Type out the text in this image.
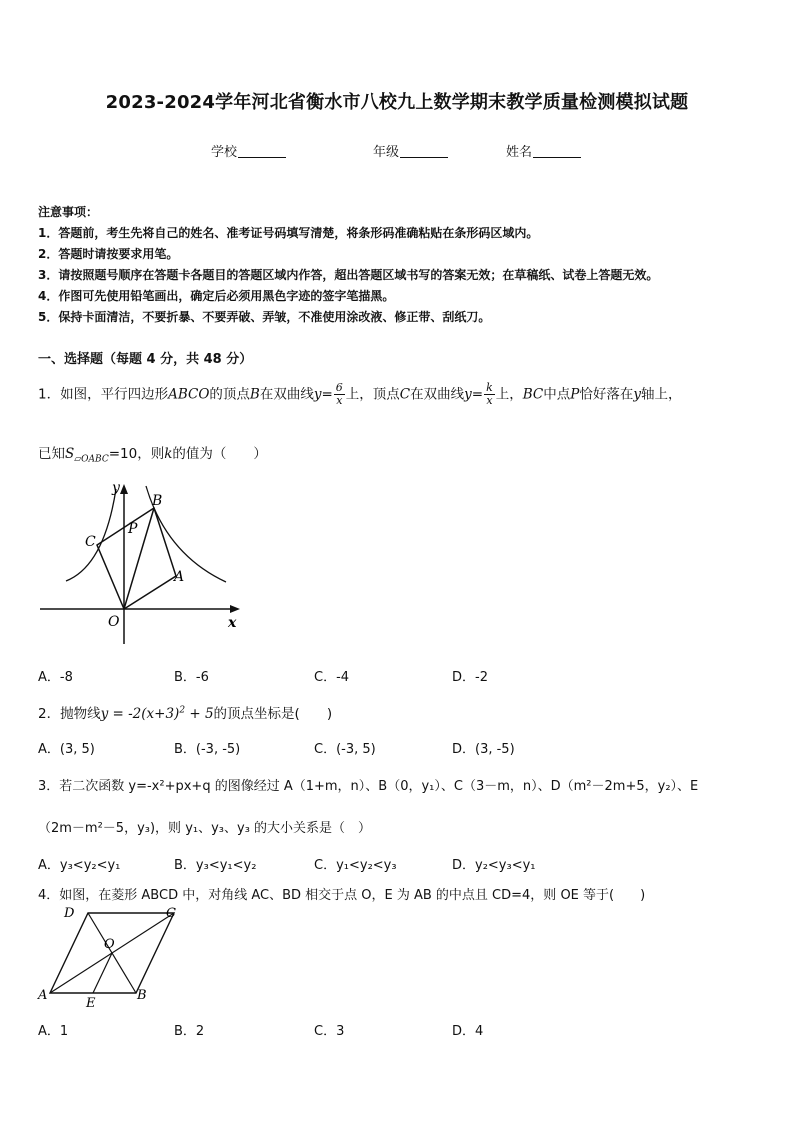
2023-2024学年河北省衡水市八校九上数学期末教学质量检测模拟试题
学校	年级	姓名
注意事项：
1．答题前，考生先将自己的姓名、准考证号码填写清楚，将条形码准确粘贴在条形码区域内。
2．答题时请按要求用笔。
3．请按照题号顺序在答题卡各题目的答题区域内作答，超出答题区域书写的答案无效；在草稿纸、试卷上答题无效。
4．作图可先使用铅笔画出，确定后必须用黑色字迹的签字笔描黑。
5．保持卡面清洁，不要折暴、不要弄破、弄皱，不准使用涂改液、修正带、刮纸刀。
一、选择题（每题 4 分，共 48 分）
1．如图，平行四边形ABCO的顶点B在双曲线$y= \frac{6}{x}$ 上，顶点C在双曲线$y= \frac{k}{x}$ 上，BC中点P恰好落在y轴上，
已知$S_{▱OABC}=10$，则k的值为（　　）
y
x
O
B
C
P
A
A．-8	B．-6	C．-4	D．-2
2．抛物线$y = -2(x+3)^2 + 5$的顶点坐标是(　　)
A．(3, 5)	B．(-3, -5)	C．(-3, 5)	D．(3, -5)
3．若二次函数 y=-x²+px+q 的图像经过 A（1+m，n）、B（0，y₁）、C（3－m，n）、D（m²－2m+5，y₂）、E
（2m－m²－5，y₃)，则 y₁、y₃、y₃ 的大小关系是（　）
A．y₃<y₂<y₁	B．y₃<y₁<y₂	C．y₁<y₂<y₃	D．y₂<y₃<y₁
4．如图，在菱形 ABCD 中，对角线 AC、BD 相交于点 O，E 为 AB 的中点且 CD=4，则 OE 等于(　　)
D	C
O
A
E
B
A．1	B．2	C．3	D．4
